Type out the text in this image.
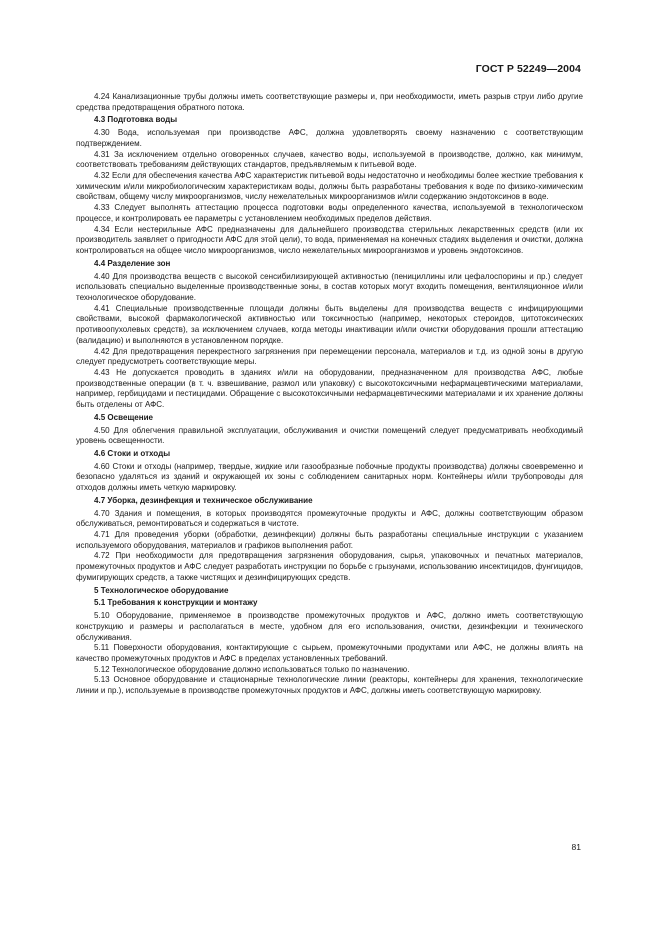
ГОСТ Р 52249—2004
4.24 Канализационные трубы должны иметь соответствующие размеры и, при необходимости, иметь разрыв струи либо другие средства предотвращения обратного потока.
4.3 Подготовка воды
4.30 Вода, используемая при производстве АФС, должна удовлетворять своему назначению с соответствующим подтверждением.
4.31 За исключением отдельно оговоренных случаев, качество воды, используемой в производстве, должно, как минимум, соответствовать требованиям действующих стандартов, предъявляемым к питьевой воде.
4.32 Если для обеспечения качества АФС характеристик питьевой воды недостаточно и необходимы более жесткие требования к химическим и/или микробиологическим характеристикам воды, должны быть разработаны требования к воде по физико-химическим свойствам, общему числу микроорганизмов, числу нежелательных микроорганизмов и/или содержанию эндотоксинов в воде.
4.33 Следует выполнять аттестацию процесса подготовки воды определенного качества, используемой в технологическом процессе, и контролировать ее параметры с установлением необходимых пределов действия.
4.34 Если нестерильные АФС предназначены для дальнейшего производства стерильных лекарственных средств (или их производитель заявляет о пригодности АФС для этой цели), то вода, применяемая на конечных стадиях выделения и очистки, должна контролироваться на общее число микроорганизмов, число нежелательных микроорганизмов и уровень эндотоксинов.
4.4 Разделение зон
4.40 Для производства веществ с высокой сенсибилизирующей активностью (пенициллины или цефалоспорины и пр.) следует использовать специально выделенные производственные зоны, в состав которых могут входить помещения, вентиляционное и/или технологическое оборудование.
4.41 Специальные производственные площади должны быть выделены для производства веществ с инфицирующими свойствами, высокой фармакологической активностью или токсичностью (например, некоторых стероидов, цитотоксических противоопухолевых средств), за исключением случаев, когда методы инактивации и/или очистки оборудования прошли аттестацию (валидацию) и выполняются в установленном порядке.
4.42 Для предотвращения перекрестного загрязнения при перемещении персонала, материалов и т.д. из одной зоны в другую следует предусмотреть соответствующие меры.
4.43 Не допускается проводить в зданиях и/или на оборудовании, предназначенном для производства АФС, любые производственные операции (в т. ч. взвешивание, размол или упаковку) с высокотоксичными нефармацевтическими материалами, например, гербицидами и пестицидами. Обращение с высокотоксичными нефармацевтическими материалами и их хранение должны быть отделены от АФС.
4.5 Освещение
4.50 Для облегчения правильной эксплуатации, обслуживания и очистки помещений следует предусматривать необходимый уровень освещенности.
4.6 Стоки и отходы
4.60 Стоки и отходы (например, твердые, жидкие или газообразные побочные продукты производства) должны своевременно и безопасно удаляться из зданий и окружающей их зоны с соблюдением санитарных норм. Контейнеры и/или трубопроводы для отходов должны иметь четкую маркировку.
4.7 Уборка, дезинфекция и техническое обслуживание
4.70 Здания и помещения, в которых производятся промежуточные продукты и АФС, должны соответствующим образом обслуживаться, ремонтироваться и содержаться в чистоте.
4.71 Для проведения уборки (обработки, дезинфекции) должны быть разработаны специальные инструкции с указанием используемого оборудования, материалов и графиков выполнения работ.
4.72 При необходимости для предотвращения загрязнения оборудования, сырья, упаковочных и печатных материалов, промежуточных продуктов и АФС следует разработать инструкции по борьбе с грызунами, использованию инсектицидов, фунгицидов, фумигирующих средств, а также чистящих и дезинфицирующих средств.
5 Технологическое оборудование
5.1 Требования к конструкции и монтажу
5.10 Оборудование, применяемое в производстве промежуточных продуктов и АФС, должно иметь соответствующую конструкцию и размеры и располагаться в месте, удобном для его использования, очистки, дезинфекции и технического обслуживания.
5.11 Поверхности оборудования, контактирующие с сырьем, промежуточными продуктами или АФС, не должны влиять на качество промежуточных продуктов и АФС в пределах установленных требований.
5.12 Технологическое оборудование должно использоваться только по назначению.
5.13 Основное оборудование и стационарные технологические линии (реакторы, контейнеры для хранения, технологические линии и пр.), используемые в производстве промежуточных продуктов и АФС, должны иметь соответствующую маркировку.
81
